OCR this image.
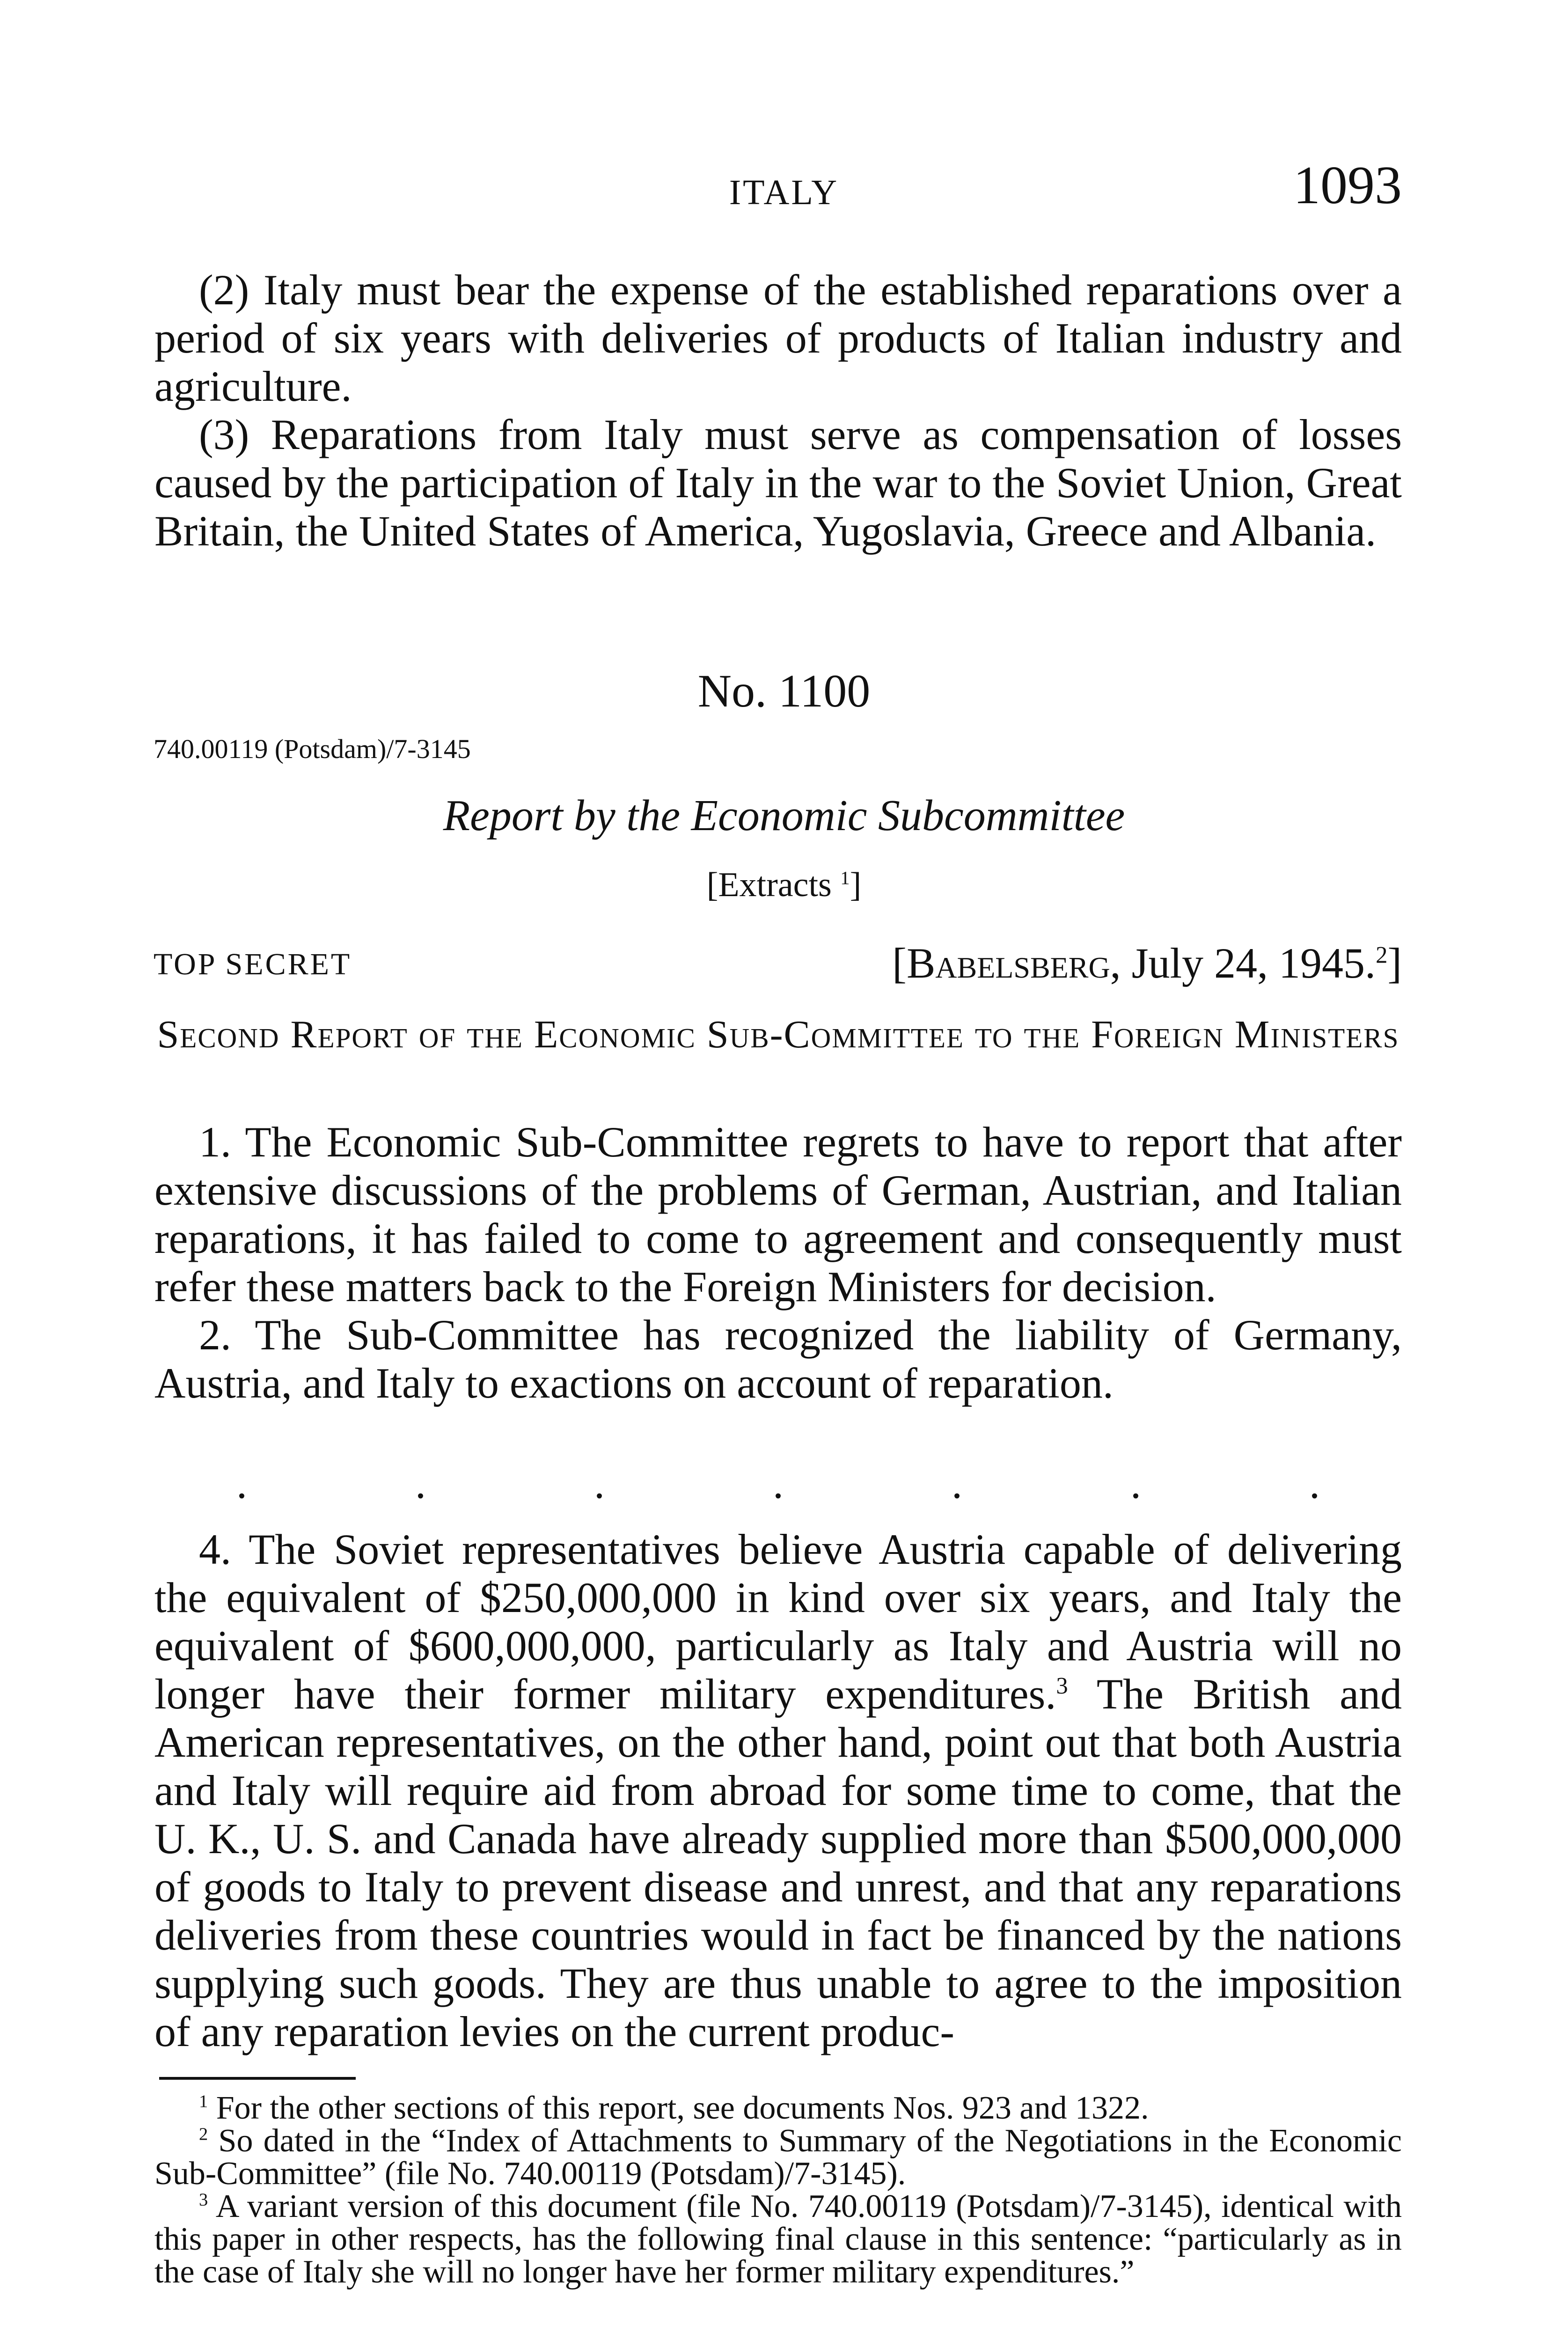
ITALY	1093

(2) Italy must bear the expense of the established reparations over a period of six years with deliveries of products of Italian industry and agriculture.

(3) Reparations from Italy must serve as compensation of losses caused by the participation of Italy in the war to the Soviet Union, Great Britain, the United States of America, Yugoslavia, Greece and Albania.

No. 1100
740.00119 (Potsdam)/7-3145
Report by the Economic Subcommittee
[Extracts $^1$]
TOP SECRET	[Babelsberg, July 24, 1945.$^2$]
Second Report of the Economic Sub-Committee to the Foreign Ministers

1. The Economic Sub-Committee regrets to have to report that after extensive discussions of the problems of German, Austrian, and Italian reparations, it has failed to come to agreement and consequently must refer these matters back to the Foreign Ministers for decision.

2. The Sub-Committee has recognized the liability of Germany, Austria, and Italy to exactions on account of reparation.

.	.	.	.	.	.	.

4. The Soviet representatives believe Austria capable of delivering the equivalent of $250,000,000 in kind over six years, and Italy the equivalent of $600,000,000, particularly as Italy and Austria will no longer have their former military expenditures.$^3$ The British and American representatives, on the other hand, point out that both Austria and Italy will require aid from abroad for some time to come, that the U. K., U. S. and Canada have already supplied more than $500,000,000 of goods to Italy to prevent disease and unrest, and that any reparations deliveries from these countries would in fact be financed by the nations supplying such goods. They are thus unable to agree to the imposition of any reparation levies on the current produc-

$^1$ For the other sections of this report, see documents Nos. 923 and 1322.

$^2$ So dated in the “Index of Attachments to Summary of the Negotiations in the Economic Sub-Committee” (file No. 740.00119 (Potsdam)/7-3145).

$^3$ A variant version of this document (file No. 740.00119 (Potsdam)/7-3145), identical with this paper in other respects, has the following final clause in this sentence: “particularly as in the case of Italy she will no longer have her former military expenditures.”
